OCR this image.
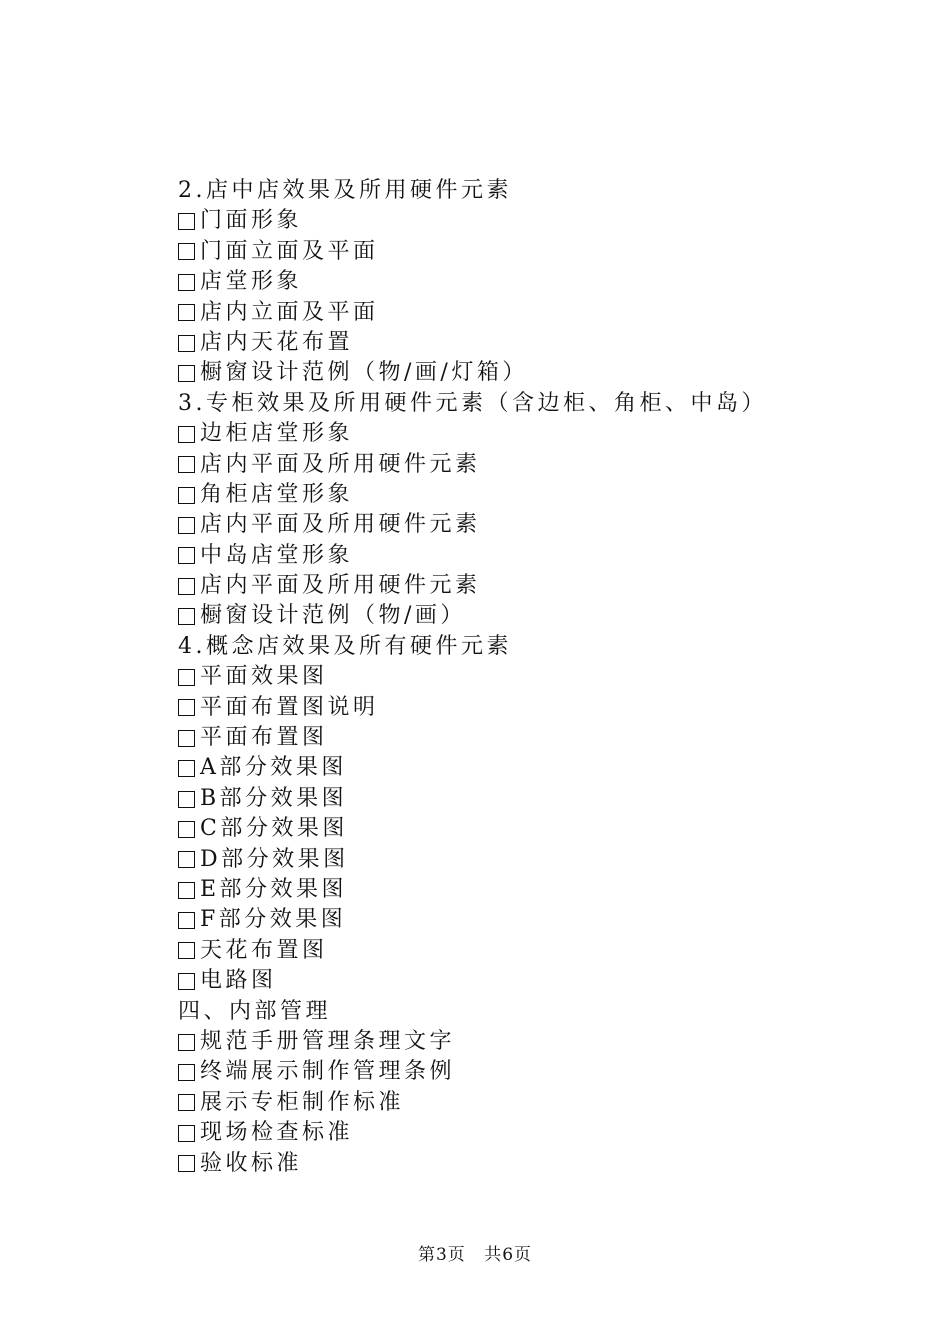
2.店中店效果及所用硬件元素
门面形象
门面立面及平面
店堂形象
店内立面及平面
店内天花布置
橱窗设计范例（物/画/灯箱）
3.专柜效果及所用硬件元素（含边柜、角柜、中岛）
边柜店堂形象
店内平面及所用硬件元素
角柜店堂形象
店内平面及所用硬件元素
中岛店堂形象
店内平面及所用硬件元素
橱窗设计范例（物/画）
4.概念店效果及所有硬件元素
平面效果图
平面布置图说明
平面布置图
A部分效果图
B部分效果图
C部分效果图
D部分效果图
E部分效果图
F部分效果图
天花布置图
电路图
四、内部管理
规范手册管理条理文字
终端展示制作管理条例
展示专柜制作标准
现场检查标准
验收标准
第3页 共6页
